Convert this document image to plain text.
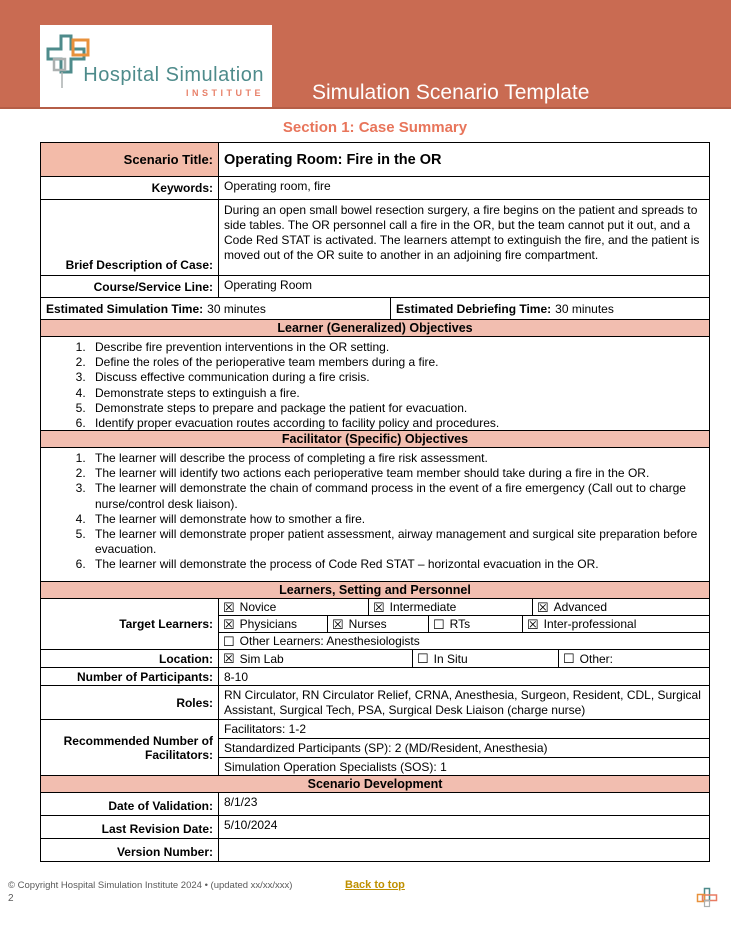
Hospital Simulation
INSTITUTE Simulation Scenario Template
Section 1: Case Summary
Scenario Title: Operating Room: Fire in the OR
Keywords: Operating room, fire
Brief Description of Case:
During an open small bowel resection surgery, a fire begins on the patient and spreads to side tables. The OR personnel call a fire in the OR, but the team cannot put it out, and a Code Red STAT is activated. The learners attempt to extinguish the fire, and the patient is moved out of the OR suite to another in an adjoining fire compartment.
Course/Service Line: Operating Room
Estimated Simulation Time: 30 minutes	Estimated Debriefing Time: 30 minutes
Learner (Generalized) Objectives
1. Describe fire prevention interventions in the OR setting.
2. Define the roles of the perioperative team members during a fire.
3. Discuss effective communication during a fire crisis.
4. Demonstrate steps to extinguish a fire.
5. Demonstrate steps to prepare and package the patient for evacuation.
6. Identify proper evacuation routes according to facility policy and procedures.
Facilitator (Specific) Objectives
1. The learner will describe the process of completing a fire risk assessment.
2. The learner will identify two actions each perioperative team member should take during a fire in the OR.
3. The learner will demonstrate the chain of command process in the event of a fire emergency (Call out to charge nurse/control desk liaison).
4. The learner will demonstrate how to smother a fire.
5. The learner will demonstrate proper patient assessment, airway management and surgical site preparation before evacuation.
6. The learner will demonstrate the process of Code Red STAT – horizontal evacuation in the OR.
Learners, Setting and Personnel
Target Learners:
☒ Novice	☒ Intermediate	☒ Advanced
☒ Physicians	☒ Nurses	☐ RTs	☒ Inter-professional
☐ Other Learners: Anesthesiologists
Location: ☒ Sim Lab	☐ In Situ	☐ Other:
Number of Participants: 8-10
Roles:
RN Circulator, RN Circulator Relief, CRNA, Anesthesia, Surgeon, Resident, CDL, Surgical Assistant, Surgical Tech, PSA, Surgical Desk Liaison (charge nurse)
Recommended Number of Facilitators:
Facilitators: 1-2
Standardized Participants (SP): 2 (MD/Resident, Anesthesia)
Simulation Operation Specialists (SOS): 1
Scenario Development
Date of Validation: 8/1/23
Last Revision Date: 5/10/2024
Version Number:
© Copyright Hospital Simulation Institute 2024 • (updated xx/xx/xxx)
2
Back to top
